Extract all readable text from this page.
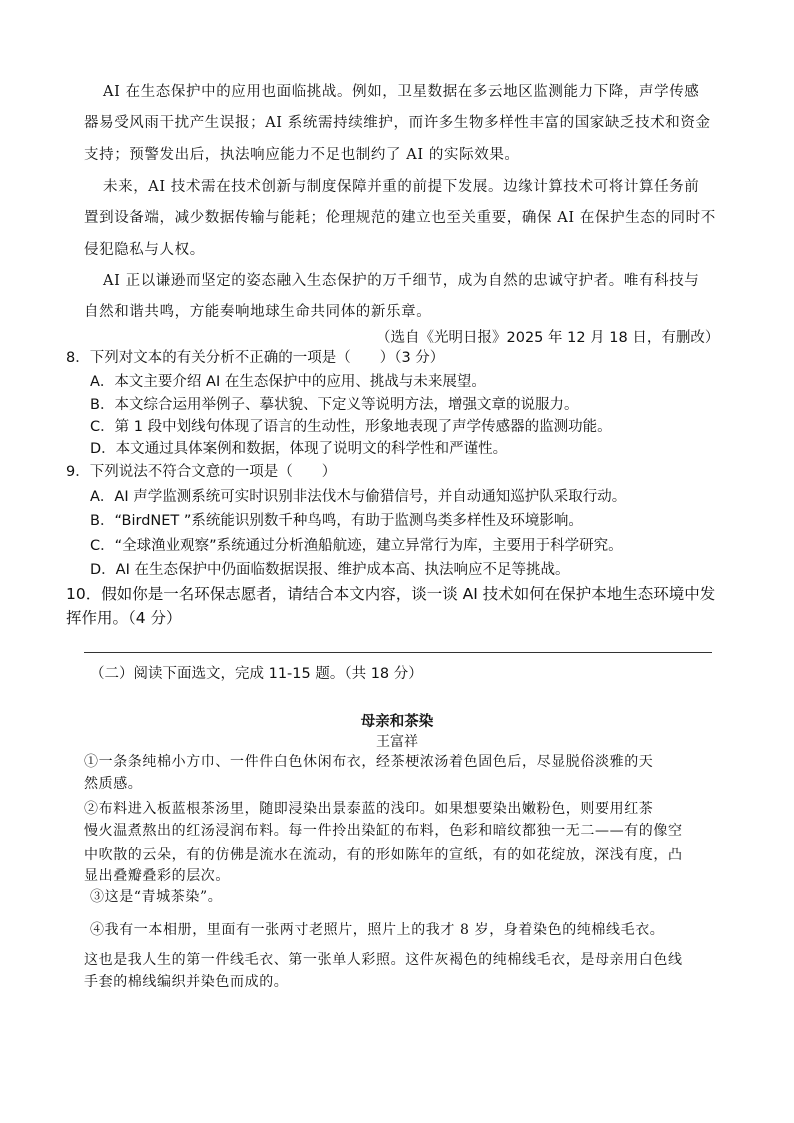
AI 在生态保护中的应用也面临挑战。例如，卫星数据在多云地区监测能力下降，声学传感
器易受风雨干扰产生误报；AI 系统需持续维护，而许多生物多样性丰富的国家缺乏技术和资金
支持；预警发出后，执法响应能力不足也制约了 AI 的实际效果。
未来，AI 技术需在技术创新与制度保障并重的前提下发展。边缘计算技术可将计算任务前
置到设备端，减少数据传输与能耗；伦理规范的建立也至关重要，确保 AI 在保护生态的同时不
侵犯隐私与人权。
AI 正以谦逊而坚定的姿态融入生态保护的万千细节，成为自然的忠诚守护者。唯有科技与
自然和谐共鸣，方能奏响地球生命共同体的新乐章。
（选自《光明日报》2025 年 12 月 18 日，有删改）
8．下列对文本的有关分析不正确的一项是（　　）（3 分）
A．本文主要介绍 AI 在生态保护中的应用、挑战与未来展望。
B．本文综合运用举例子、摹状貌、下定义等说明方法，增强文章的说服力。
C．第 1 段中划线句体现了语言的生动性，形象地表现了声学传感器的监测功能。
D．本文通过具体案例和数据，体现了说明文的科学性和严谨性。
9．下列说法不符合文意的一项是（　　）
A．AI 声学监测系统可实时识别非法伐木与偷猎信号，并自动通知巡护队采取行动。
B．“BirdNET ”系统能识别数千种鸟鸣，有助于监测鸟类多样性及环境影响。
C．“全球渔业观察”系统通过分析渔船航迹，建立异常行为库，主要用于科学研究。
D．AI 在生态保护中仍面临数据误报、维护成本高、执法响应不足等挑战。
10．假如你是一名环保志愿者，请结合本文内容，谈一谈 AI 技术如何在保护本地生态环境中发
挥作用。（4 分）
（二）阅读下面选文，完成 11-15 题。（共 18 分）
母亲和茶染
王富祥
①一条条纯棉小方巾、一件件白色休闲布衣，经茶梗浓汤着色固色后，尽显脱俗淡雅的天
然质感。
②布料进入板蓝根茶汤里，随即浸染出景泰蓝的浅印。如果想要染出嫩粉色，则要用红茶
慢火温煮熬出的红汤浸润布料。每一件拎出染缸的布料，色彩和暗纹都独一无二——有的像空
中吹散的云朵，有的仿佛是流水在流动，有的形如陈年的宣纸，有的如花绽放，深浅有度，凸
显出叠瓣叠彩的层次。
③这是“青城茶染”。
④我有一本相册，里面有一张两寸老照片，照片上的我才 8 岁，身着染色的纯棉线毛衣。
这也是我人生的第一件线毛衣、第一张单人彩照。这件灰褐色的纯棉线毛衣，是母亲用白色线
手套的棉线编织并染色而成的。
